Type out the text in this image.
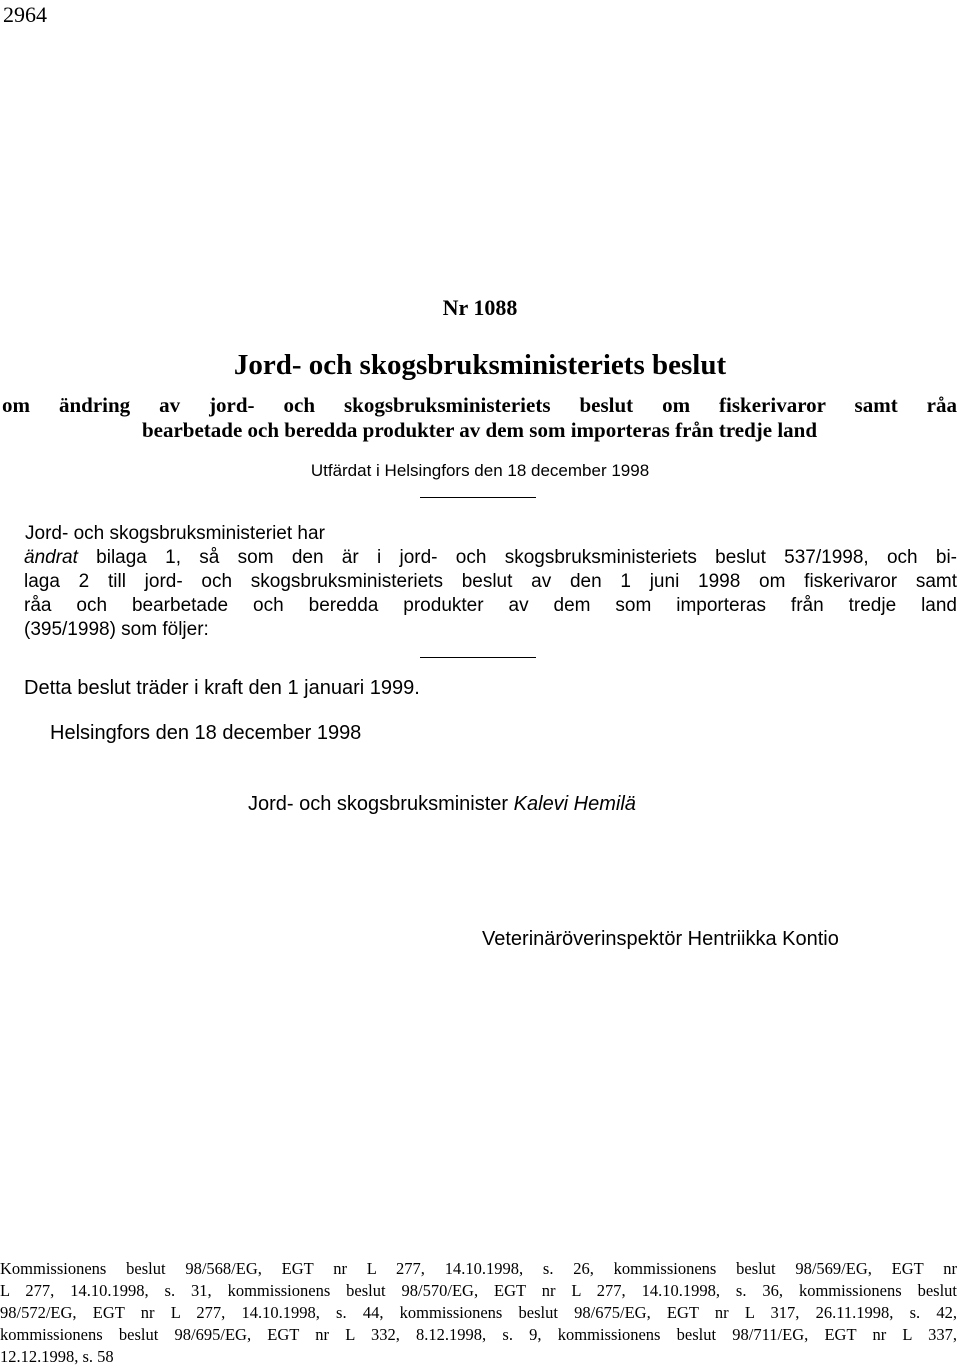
2964
Nr 1088
Jord- och skogsbruksministeriets beslut
om ändring av jord- och skogsbruksministeriets beslut om fiskerivaror samt råa
bearbetade och beredda produkter av dem som importeras från tredje land
Utfärdat i Helsingfors den 18 december 1998
Jord- och skogsbruksministeriet har
ändrat bilaga 1, så som den är i jord- och skogsbruksministeriets beslut 537/1998, och bi-
laga 2 till jord- och skogsbruksministeriets beslut av den 1 juni 1998 om fiskerivaror samt
råa och bearbetade och beredda produkter av dem som importeras från tredje land
(395/1998) som följer:
Detta beslut träder i kraft den 1 januari 1999.
Helsingfors den 18 december 1998
Jord- och skogsbruksminister Kalevi Hemilä
Veterinäröverinspektör Hentriikka Kontio
Kommissionens beslut 98/568/EG, EGT nr L 277, 14.10.1998, s. 26, kommissionens beslut 98/569/EG, EGT nr
L 277, 14.10.1998, s. 31, kommissionens beslut 98/570/EG, EGT nr L 277, 14.10.1998, s. 36, kommissionens beslut
98/572/EG, EGT nr L 277, 14.10.1998, s. 44, kommissionens beslut 98/675/EG, EGT nr L 317, 26.11.1998, s. 42,
kommissionens beslut 98/695/EG, EGT nr L 332, 8.12.1998, s. 9, kommissionens beslut 98/711/EG, EGT nr L 337,
12.12.1998, s. 58
